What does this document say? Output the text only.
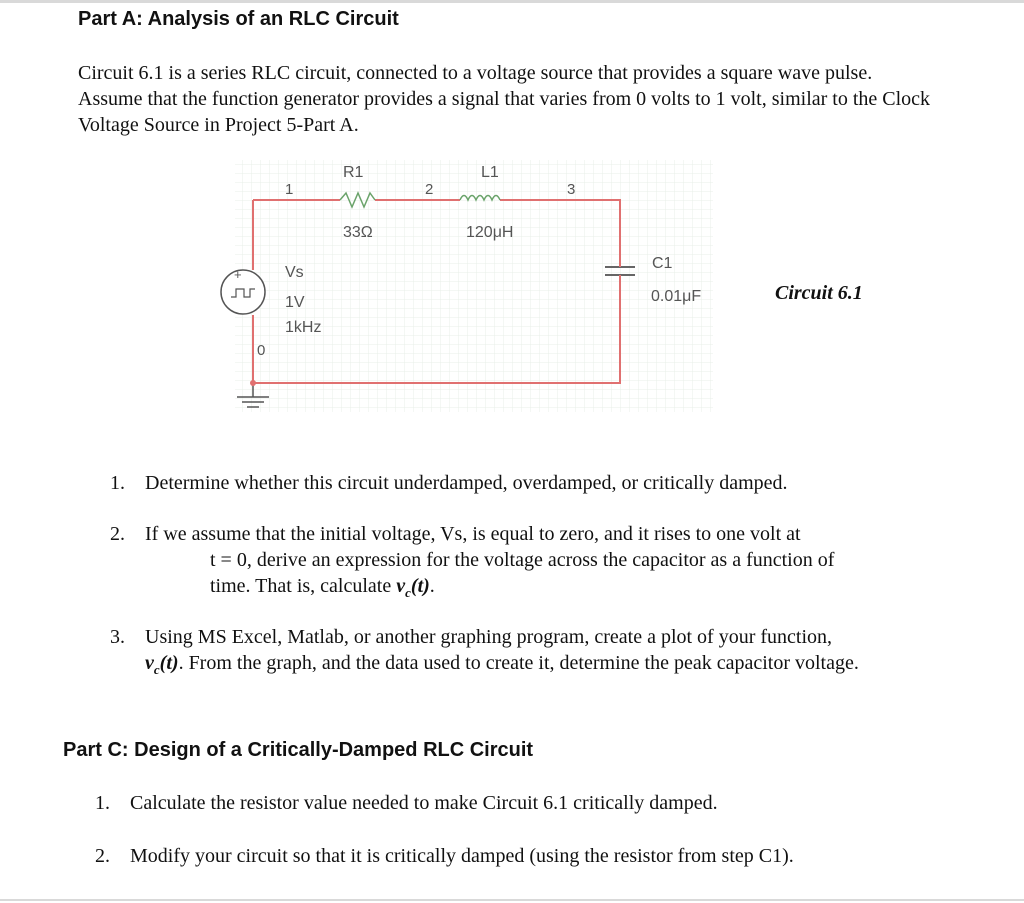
Part A: Analysis of an RLC Circuit
Circuit 6.1 is a series RLC circuit, connected to a voltage source that provides a square wave pulse. Assume that the function generator provides a signal that varies from 0 volts to 1 volt, similar to the Clock Voltage Source in Project 5-Part A.
+
1	2	3
0
R1
33Ω
L1
120μH
C1
0.01μF
Vs
1V
1kHz
Circuit 6.1
1. Determine whether this circuit underdamped, overdamped, or critically damped.
2. If we assume that the initial voltage, Vs, is equal to zero, and it rises to one volt at
t = 0, derive an expression for the voltage across the capacitor as a function of
time. That is, calculate $v_c(t)$.
3. Using MS Excel, Matlab, or another graphing program, create a plot of your function,
$v_c(t)$. From the graph, and the data used to create it, determine the peak capacitor voltage.
Part C: Design of a Critically-Damped RLC Circuit
1. Calculate the resistor value needed to make Circuit 6.1 critically damped.
2. Modify your circuit so that it is critically damped (using the resistor from step C1).
